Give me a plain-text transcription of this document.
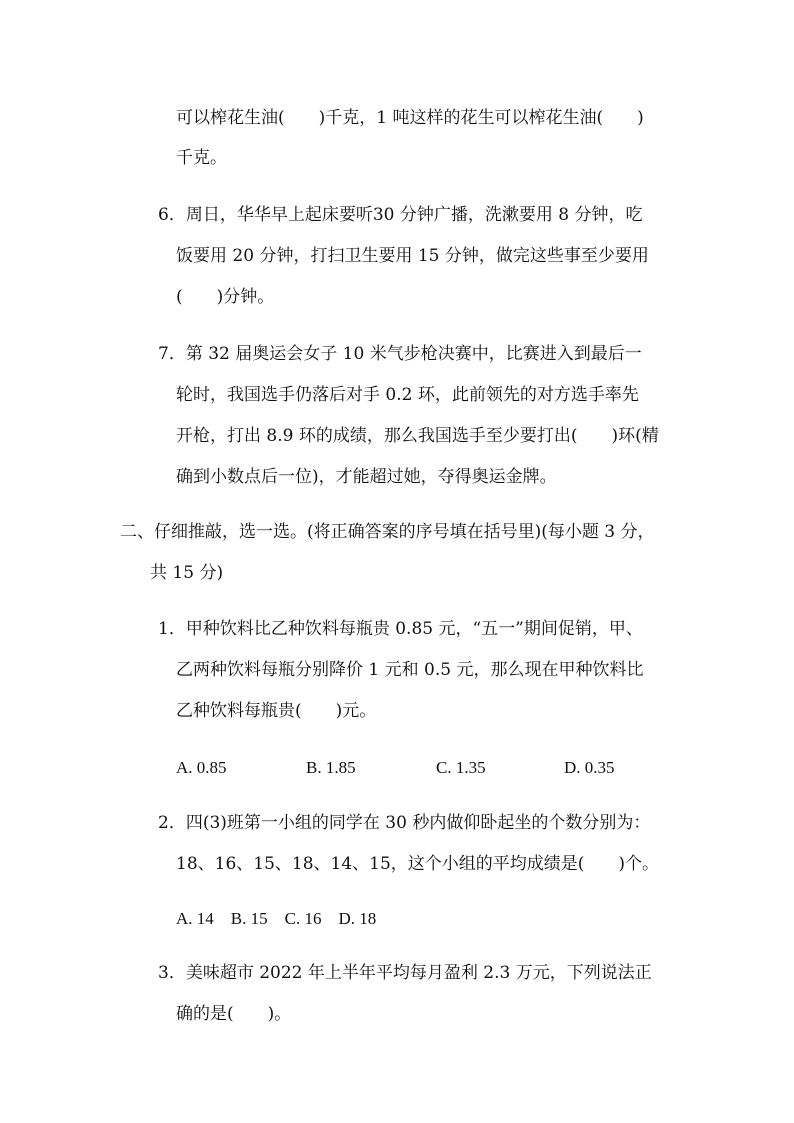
可以榨花生油(　　)千克，1 吨这样的花生可以榨花生油(　　)
千克。
6．周日，华华早上起床要听30 分钟广播，洗漱要用 8 分钟，吃
饭要用 20 分钟，打扫卫生要用 15 分钟，做完这些事至少要用
(　　)分钟。
7．第 32 届奥运会女子 10 米气步枪决赛中，比赛进入到最后一
轮时，我国选手仍落后对手 0.2 环，此前领先的对方选手率先
开枪，打出 8.9 环的成绩，那么我国选手至少要打出(　　)环(精
确到小数点后一位)，才能超过她，夺得奥运金牌。
二、仔细推敲，选一选。(将正确答案的序号填在括号里)(每小题 3 分，
共 15 分)
1．甲种饮料比乙种饮料每瓶贵 0.85 元，“五一”期间促销，甲、
乙两种饮料每瓶分别降价 1 元和 0.5 元，那么现在甲种饮料比
乙种饮料每瓶贵(　　)元。
A. 0.85	B. 1.85	C. 1.35	D. 0.35
2．四(3)班第一小组的同学在 30 秒内做仰卧起坐的个数分别为：
18、16、15、18、14、15，这个小组的平均成绩是(　　)个。
A. 14　B. 15　C. 16　D. 18
3．美味超市 2022 年上半年平均每月盈利 2.3 万元，下列说法正
确的是(　　)。
